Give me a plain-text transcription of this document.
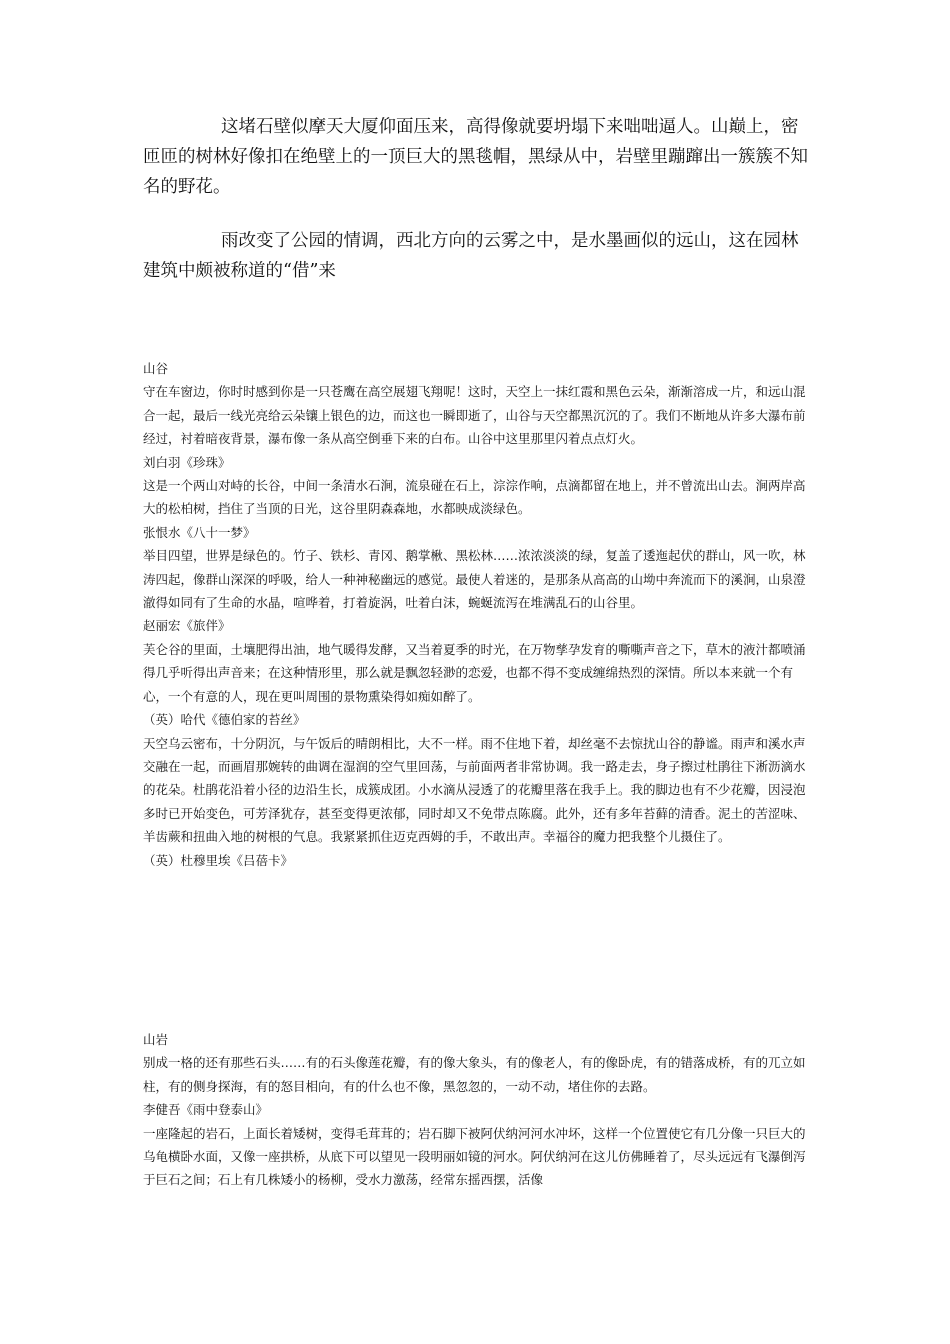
这堵石壁似摩天大厦仰面压来，高得像就要坍塌下来咄咄逼人。山巅上，密匝匝的树林好像扣在绝壁上的一顶巨大的黑毯帽，黑绿从中，岩壁里蹦蹿出一簇簇不知名的野花。

雨改变了公园的情调，西北方向的云雾之中，是水墨画似的远山，这在园林建筑中颇被称道的“借”来

山谷

守在车窗边，你时时感到你是一只苍鹰在高空展翅飞翔呢！这时，天空上一抹红霞和黑色云朵，渐渐溶成一片，和远山混合一起，最后一线光亮给云朵镶上银色的边，而这也一瞬即逝了，山谷与天空都黑沉沉的了。我们不断地从许多大瀑布前经过，衬着暗夜背景，瀑布像一条从高空倒垂下来的白布。山谷中这里那里闪着点点灯火。

刘白羽《珍珠》

这是一个两山对峙的长谷，中间一条清水石涧，流泉碰在石上，淙淙作响，点滴都留在地上，并不曾流出山去。涧两岸高大的松柏树，挡住了当顶的日光，这谷里阴森森地，水都映成淡绿色。

张恨水《八十一梦》

举目四望，世界是绿色的。竹子、铁杉、青冈、鹅掌楸、黑松林……浓浓淡淡的绿，复盖了逶迤起伏的群山，风一吹，林涛四起，像群山深深的呼吸，给人一种神秘幽远的感觉。最使人着迷的，是那条从高高的山坳中奔流而下的溪涧，山泉澄澈得如同有了生命的水晶，喧哗着，打着旋涡，吐着白沫，蜿蜒流泻在堆满乱石的山谷里。

赵丽宏《旅伴》

芙仑谷的里面，土壤肥得出油，地气暖得发酵，又当着夏季的时光，在万物孳孕发育的嘶嘶声音之下，草木的液汁都喷涌得几乎听得出声音来；在这种情形里，那么就是飘忽轻渺的恋爱，也都不得不变成缠绵热烈的深情。所以本来就一个有心，一个有意的人，现在更叫周围的景物熏染得如痴如醉了。

（英）哈代《德伯家的苔丝》

天空乌云密布，十分阴沉，与午饭后的晴朗相比，大不一样。雨不住地下着，却丝毫不去惊扰山谷的静谧。雨声和溪水声交融在一起，而画眉那婉转的曲调在湿润的空气里回荡，与前面两者非常协调。我一路走去，身子擦过杜鹃往下淅沥滴水的花朵。杜鹃花沿着小径的边沿生长，成簇成团。小水滴从浸透了的花瓣里落在我手上。我的脚边也有不少花瓣，因浸泡多时已开始变色，可芳泽犹存，甚至变得更浓郁，同时却又不免带点陈腐。此外，还有多年苔藓的清香。泥土的苦涩味、羊齿蕨和扭曲入地的树根的气息。我紧紧抓住迈克西姆的手，不敢出声。幸福谷的魔力把我整个儿摄住了。

（英）杜穆里埃《吕蓓卡》

山岩

别成一格的还有那些石头……有的石头像莲花瓣，有的像大象头，有的像老人，有的像卧虎，有的错落成桥，有的兀立如柱，有的侧身探海，有的怒目相向，有的什么也不像，黑忽忽的，一动不动，堵住你的去路。

李健吾《雨中登泰山》

一座隆起的岩石，上面长着矮树，变得毛茸茸的；岩石脚下被阿伏纳河河水冲坏，这样一个位置使它有几分像一只巨大的乌龟横卧水面，又像一座拱桥，从底下可以望见一段明丽如镜的河水。阿伏纳河在这儿仿佛睡着了，尽头远远有飞瀑倒泻于巨石之间；石上有几株矮小的杨柳，受水力激荡，经常东摇西摆，活像
